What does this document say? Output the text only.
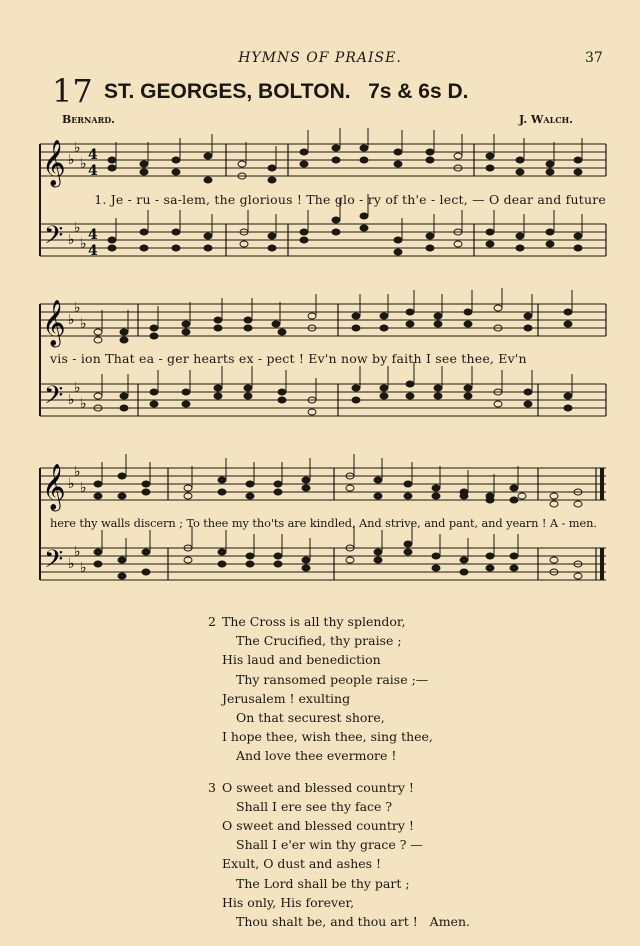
HYMNS OF PRAISE.	37
17 ST. GEORGES, BOLTON.   7s & 6s D.
Bernard.	J. Walch.
𝄞
𝄢
♭
♭
♭
♭
♭
♭
4
4
4
4
1. Je - ru - sa-lem, the glorious ! The glo - ry of th'e - lect, — O dear and future
𝄞
𝄢
♭
♭
♭
♭
♭
♭
vis - ion That ea - ger hearts ex - pect ! Ev'n now by faith I see thee, Ev'n
𝄞
𝄢
♭
♭
♭
♭
♭
♭
here thy walls discern ; To thee my tho'ts are kindled, And strive, and pant, and yearn ! A - men.
2 The Cross is all thy splendor,
The Crucified, thy praise ;
His laud and benediction
Thy ransomed people raise ;—
Jerusalem ! exulting
On that securest shore,
I hope thee, wish thee, sing thee,
And love thee evermore !
3 O sweet and blessed country !
Shall I ere see thy face ?
O sweet and blessed country !
Shall I e'er win thy grace ? —
Exult, O dust and ashes !
The Lord shall be thy part ;
His only, His forever,
Thou shalt be, and thou art !   Amen.
